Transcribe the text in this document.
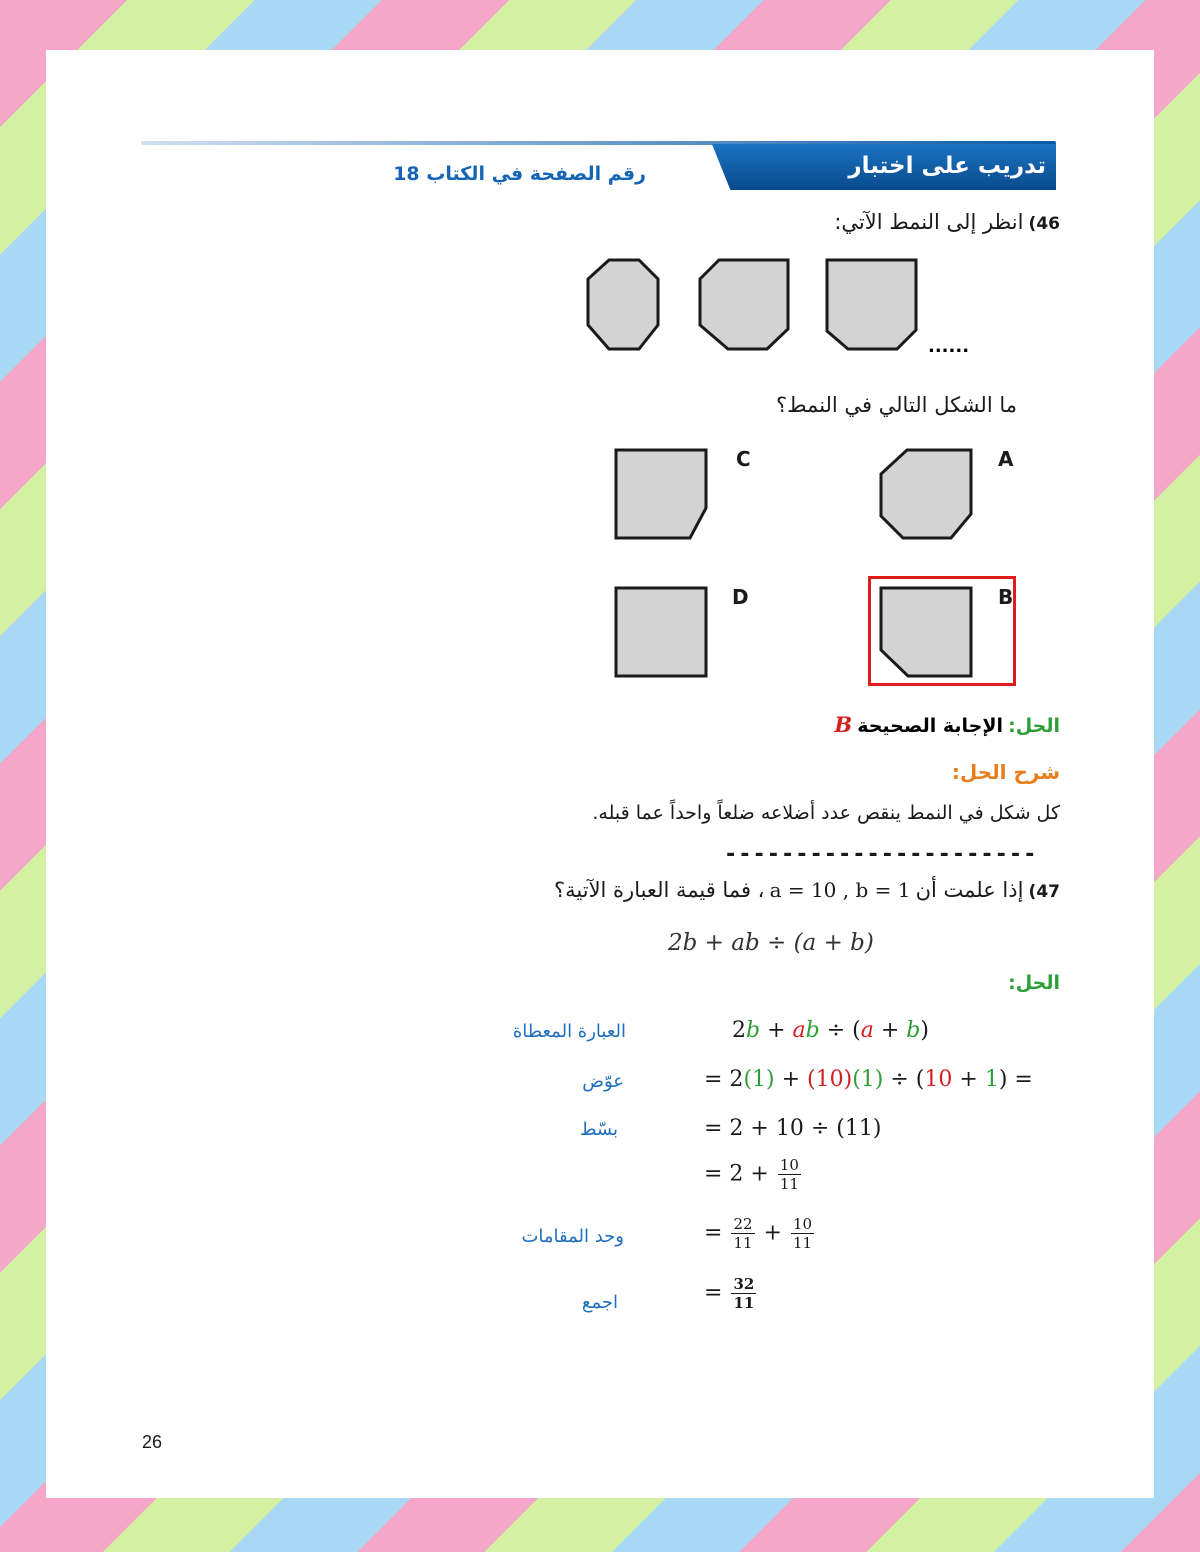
تدريب على اختبار
رقم الصفحة في الكتاب 18
46) انظر إلى النمط الآتي:
......
ما الشكل التالي في النمط؟
C	A
D	B
الحل: الإجابة الصحيحة B
شرح الحل:
كل شكل في النمط ينقص عدد أضلاعه ضلعاً واحداً عما قبله.
----------------------
47) إذا علمت أن a = 10 , b = 1 ، فما قيمة العبارة الآتية؟
2b + ab ÷ (a + b)
الحل:
العبارة المعطاة
عوّض
بسّط
وحد المقامات
اجمع
2b + ab ÷ (a + b)
= 2(1) + (10)(1) ÷ (10 + 1) =
= 2 + 10 ÷ (11)
= $2 + \frac{10}{11}$
= $\frac{22}{11} + \frac{10}{11}$
= $\frac{32}{11}$
26
